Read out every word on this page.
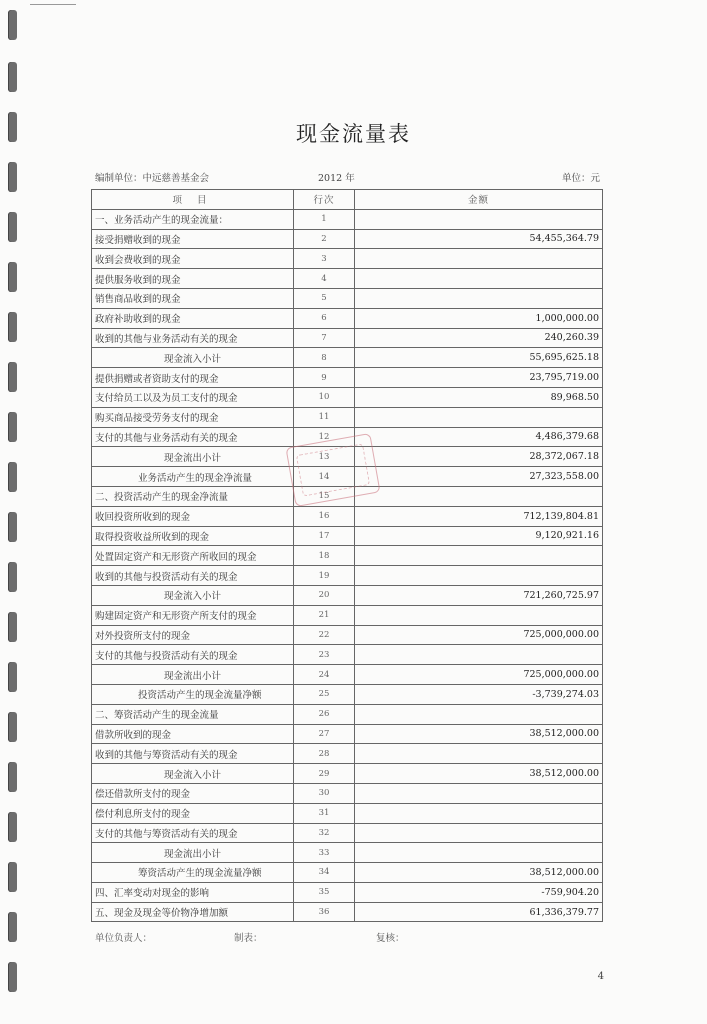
现金流量表
编制单位：中远慈善基金会	2012 年	单位：元
项 目	行次	金额
一、业务活动产生的现金流量：	1	
接受捐赠收到的现金	2	54,455,364.79
收到会费收到的现金	3	
提供服务收到的现金	4	
销售商品收到的现金	5	
政府补助收到的现金	6	1,000,000.00
收到的其他与业务活动有关的现金	7	240,260.39
现金流入小计	8	55,695,625.18
提供捐赠或者资助支付的现金	9	23,795,719.00
支付给员工以及为员工支付的现金	10	89,968.50
购买商品接受劳务支付的现金	11	
支付的其他与业务活动有关的现金	12	4,486,379.68
现金流出小计	13	28,372,067.18
业务活动产生的现金净流量	14	27,323,558.00
二、投资活动产生的现金净流量	15	
收回投资所收到的现金	16	712,139,804.81
取得投资收益所收到的现金	17	9,120,921.16
处置固定资产和无形资产所收回的现金	18	
收到的其他与投资活动有关的现金	19	
现金流入小计	20	721,260,725.97
购建固定资产和无形资产所支付的现金	21	
对外投资所支付的现金	22	725,000,000.00
支付的其他与投资活动有关的现金	23	
现金流出小计	24	725,000,000.00
投资活动产生的现金流量净额	25	-3,739,274.03
二、筹资活动产生的现金流量	26	
借款所收到的现金	27	38,512,000.00
收到的其他与筹资活动有关的现金	28	
现金流入小计	29	38,512,000.00
偿还借款所支付的现金	30	
偿付利息所支付的现金	31	
支付的其他与筹资活动有关的现金	32	
现金流出小计	33	
筹资活动产生的现金流量净额	34	38,512,000.00
四、汇率变动对现金的影响	35	-759,904.20
五、现金及现金等价物净增加额	36	61,336,379.77
单位负责人：	制表：	复核：
4
